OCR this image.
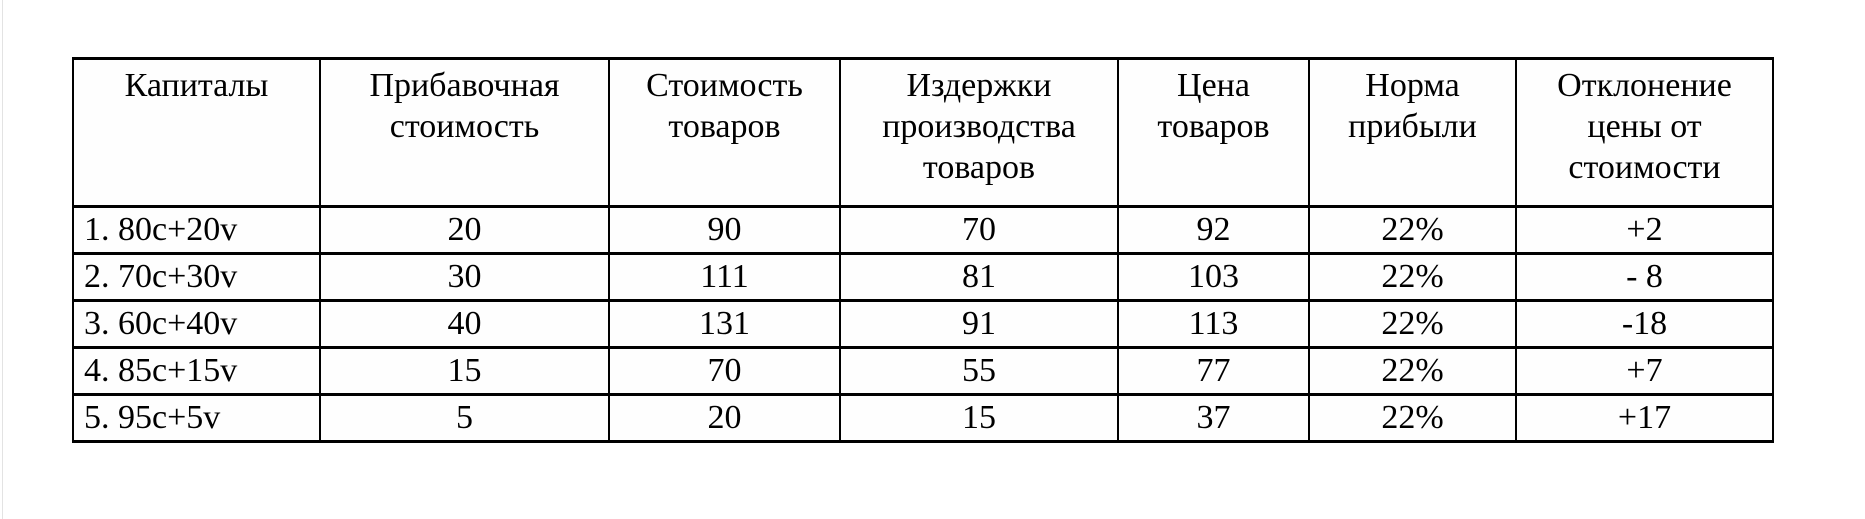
Капиталы	Прибавочная стоимость	Стоимость товаров	Издержки производства товаров	Цена товаров	Норма прибыли	Отклонение цены от стоимости
1. 80c+20v	20	90	70	92	22%	+2
2. 70c+30v	30	111	81	103	22%	- 8
3. 60c+40v	40	131	91	113	22%	-18
4. 85c+15v	15	70	55	77	22%	+7
5. 95c+5v	5	20	15	37	22%	+17
